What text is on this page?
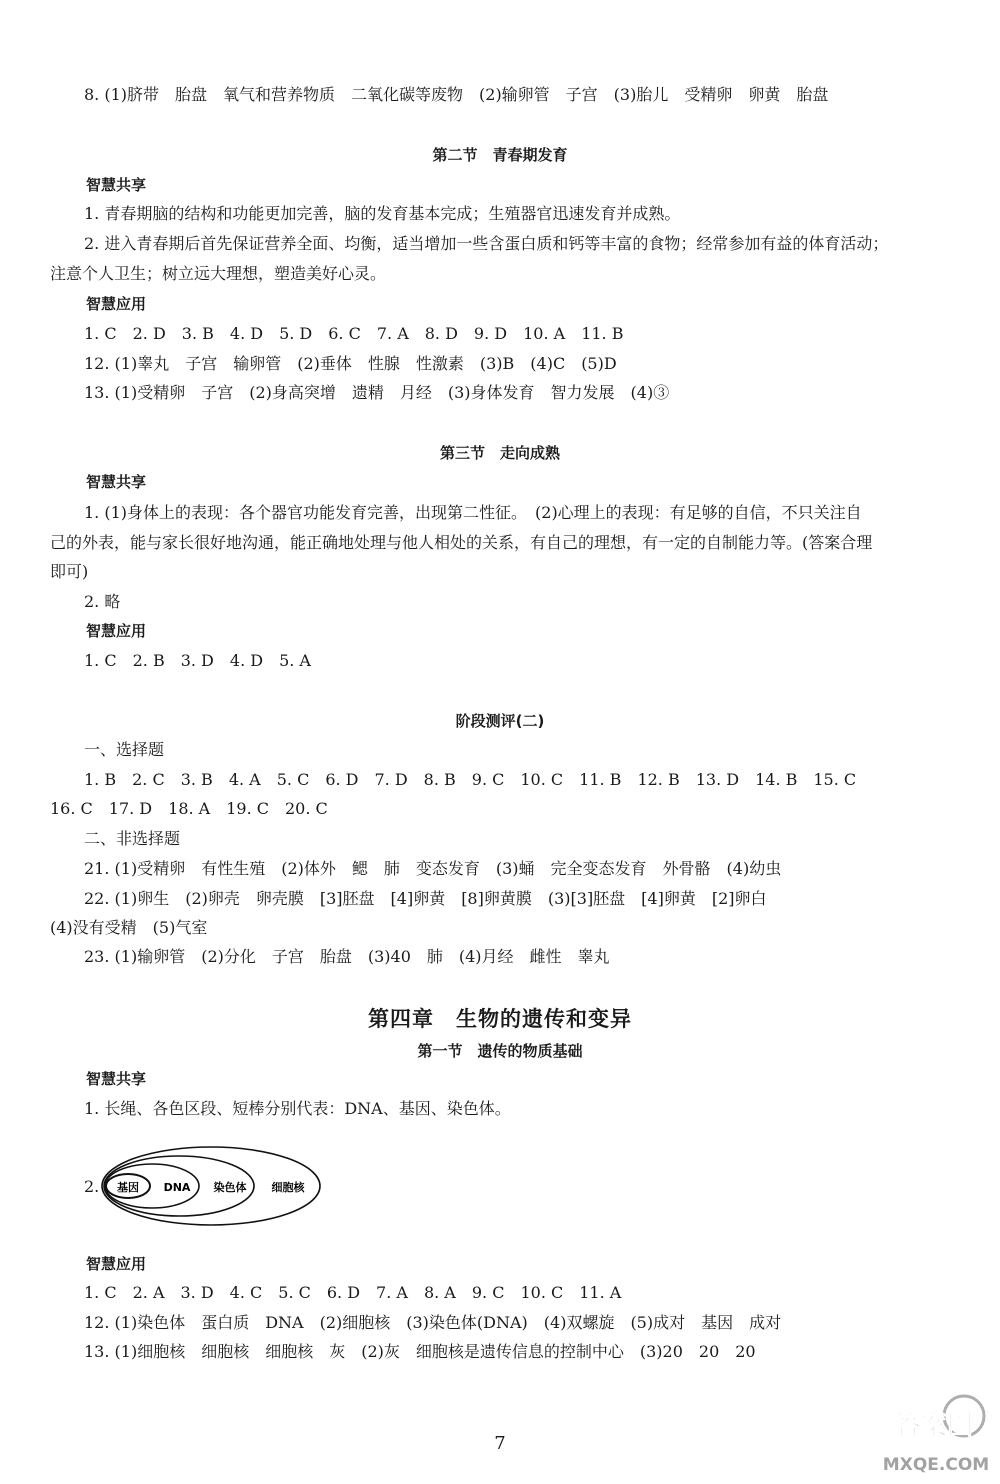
8. (1)脐带　胎盘　氧气和营养物质　二氧化碳等废物　(2)输卵管　子宫　(3)胎儿　受精卵　卵黄　胎盘
第二节　青春期发育
智慧共享
1. 青春期脑的结构和功能更加完善，脑的发育基本完成；生殖器官迅速发育并成熟。
2. 进入青春期后首先保证营养全面、均衡，适当增加一些含蛋白质和钙等丰富的食物；经常参加有益的体育活动；
注意个人卫生；树立远大理想，塑造美好心灵。
智慧应用
1. C　2. D　3. B　4. D　5. D　6. C　7. A　8. D　9. D　10. A　11. B
12. (1)睾丸　子宫　输卵管　(2)垂体　性腺　性激素　(3)B　(4)C　(5)D
13. (1)受精卵　子宫　(2)身高突增　遗精　月经　(3)身体发育　智力发展　(4)③
第三节　走向成熟
智慧共享
1. (1)身体上的表现：各个器官功能发育完善，出现第二性征。　(2)心理上的表现：有足够的自信，不只关注自
己的外表，能与家长很好地沟通，能正确地处理与他人相处的关系，有自己的理想，有一定的自制能力等。(答案合理
即可)
2. 略
智慧应用
1. C　2. B　3. D　4. D　5. A
阶段测评(二)
一、选择题
1. B　2. C　3. B　4. A　5. C　6. D　7. D　8. B　9. C　10. C　11. B　12. B　13. D　14. B　15. C
16. C　17. D　18. A　19. C　20. C
二、非选择题
21. (1)受精卵　有性生殖　(2)体外　鳃　肺　变态发育　(3)蛹　完全变态发育　外骨骼　(4)幼虫
22. (1)卵生　(2)卵壳　卵壳膜　[3]胚盘　[4]卵黄　[8]卵黄膜　(3)[3]胚盘　[4]卵黄　[2]卵白
(4)没有受精　(5)气室
23. (1)输卵管　(2)分化　子宫　胎盘　(3)40　肺　(4)月经　雌性　睾丸
第四章　生物的遗传和变异
第一节　遗传的物质基础
智慧共享
1. 长绳、各色区段、短棒分别代表：DNA、基因、染色体。
2. 基因 DNA 染色体 细胞核
智慧应用
1. C　2. A　3. D　4. C　5. C　6. D　7. A　8. A　9. C　10. C　11. A
12. (1)染色体　蛋白质　DNA　(2)细胞核　(3)染色体(DNA)　(4)双螺旋　(5)成对　基因　成对
13. (1)细胞核　细胞核　细胞核　灰　(2)灰　细胞核是遗传信息的控制中心　(3)20　20　20
7
答案圈
MXQE.COM
